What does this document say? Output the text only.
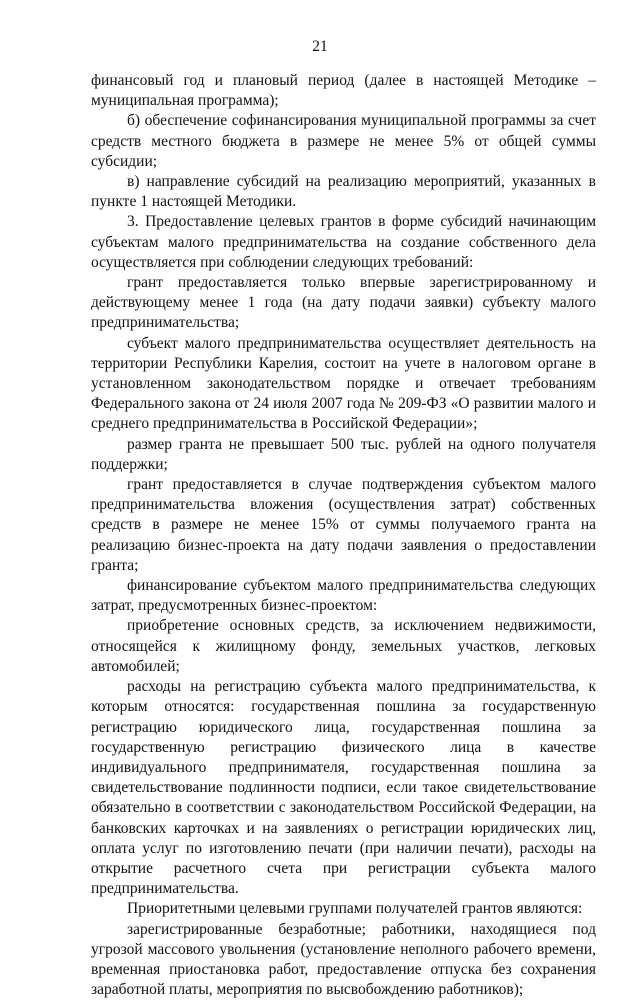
21

финансовый год и плановый период (далее в настоящей Методике – муниципальная программа);

б) обеспечение софинансирования муниципальной программы за счет средств местного бюджета в размере не менее 5% от общей суммы субсидии;

в) направление субсидий на реализацию мероприятий, указанных в пункте 1 настоящей Методики.

3. Предоставление целевых грантов в форме субсидий начинающим субъектам малого предпринимательства на создание собственного дела осуществляется при соблюдении следующих требований:

грант предоставляется только впервые зарегистрированному и действующему менее 1 года (на дату подачи заявки) субъекту малого предпринимательства;

субъект малого предпринимательства осуществляет деятельность на территории Республики Карелия, состоит на учете в налоговом органе в установленном законодательством порядке и отвечает требованиям Федерального закона от 24 июля 2007 года № 209-ФЗ «О развитии малого и среднего предпринимательства в Российской Федерации»;

размер гранта не превышает 500 тыс. рублей на одного получателя поддержки;

грант предоставляется в случае подтверждения субъектом малого предпринимательства вложения (осуществления затрат) собственных средств в размере не менее 15% от суммы получаемого гранта на реализацию бизнес-проекта на дату подачи заявления о предоставлении гранта;

финансирование субъектом малого предпринимательства следующих затрат, предусмотренных бизнес-проектом:

приобретение основных средств, за исключением недвижимости, относящейся к жилищному фонду, земельных участков, легковых автомобилей;

расходы на регистрацию субъекта малого предпринимательства, к которым относятся: государственная пошлина за государственную регистрацию юридического лица, государственная пошлина за государственную регистрацию физического лица в качестве индивидуального предпринимателя, государственная пошлина за свидетельствование подлинности подписи, если такое свидетельствование обязательно в соответствии с законодательством Российской Федерации, на банковских карточках и на заявлениях о регистрации юридических лиц, оплата услуг по изготовлению печати (при наличии печати), расходы на открытие расчетного счета при регистрации субъекта малого предпринимательства.

Приоритетными целевыми группами получателей грантов являются:

зарегистрированные безработные; работники, находящиеся под угрозой массового увольнения (установление неполного рабочего времени, временная приостановка работ, предоставление отпуска без сохранения заработной платы, мероприятия по высвобождению работников);
